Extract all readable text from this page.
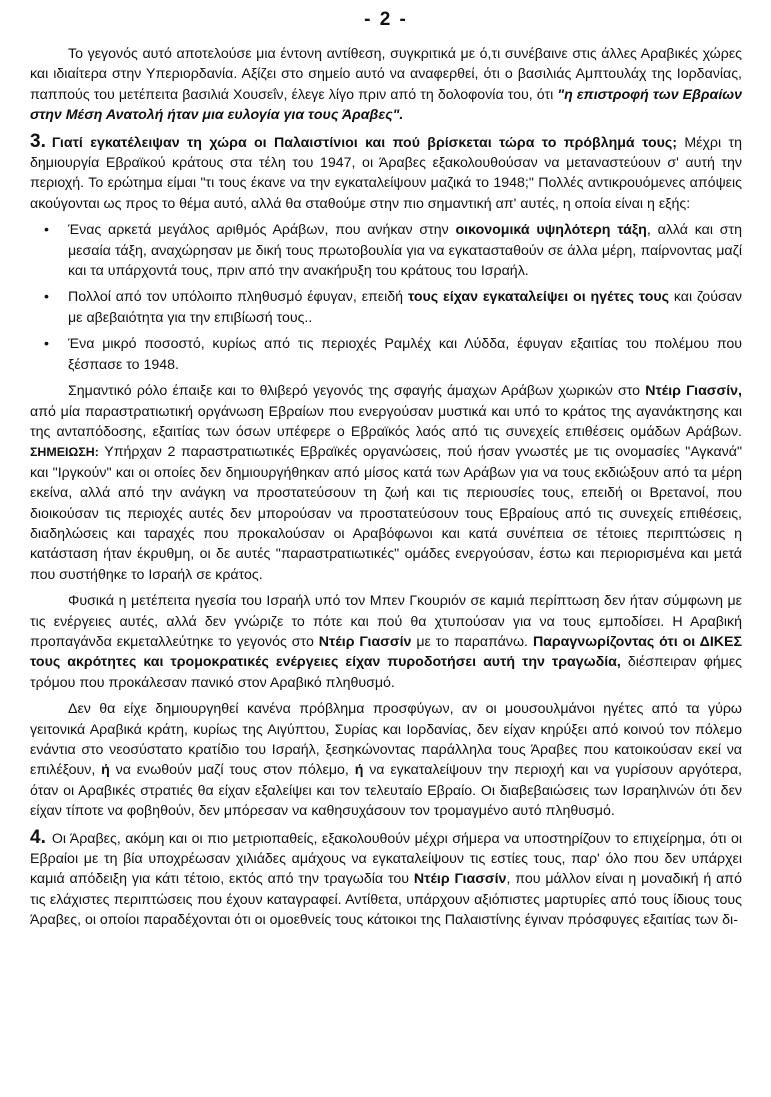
- 2 -

Το γεγονός αυτό αποτελούσε μια έντονη αντίθεση, συγκριτικά με ό,τι συνέβαινε στις άλλες Αραβικές χώρες και ιδιαίτερα στην Υπεριορδανία. Αξίζει στο σημείο αυτό να αναφερθεί, ότι ο βασιλιάς Αμπτουλάχ της Ιορδανίας, παππούς του μετέπειτα βασιλιά Χουσεΐν, έλεγε λίγο πριν από τη δολοφονία του, ότι "η επιστροφή των Εβραίων στην Μέση Ανατολή ήταν μια ευλογία για τους Άραβες".

3. Γιατί εγκατέλειψαν τη χώρα οι Παλαιστίνιοι και πού βρίσκεται τώρα το πρόβλημά τους; Μέχρι τη δημιουργία Εβραϊκού κράτους στα τέλη του 1947, οι Άραβες εξακολουθούσαν να μεταναστεύουν σ' αυτή την περιοχή. Το ερώτημα είμαι "τι τους έκανε να την εγκαταλείψουν μαζικά το 1948;" Πολλές αντικρουόμενες απόψεις ακούγονται ως προς το θέμα αυτό, αλλά θα σταθούμε στην πιο σημαντική απ' αυτές, η οποία είναι η εξής:

• Ένας αρκετά μεγάλος αριθμός Αράβων, που ανήκαν στην οικονομικά υψηλότερη τάξη, αλλά και στη μεσαία τάξη, αναχώρησαν με δική τους πρωτοβουλία για να εγκατασταθούν σε άλλα μέρη, παίρνοντας μαζί και τα υπάρχοντά τους, πριν από την ανακήρυξη του κράτους του Ισραήλ.
• Πολλοί από τον υπόλοιπο πληθυσμό έφυγαν, επειδή τους είχαν εγκαταλείψει οι ηγέτες τους και ζούσαν με αβεβαιότητα για την επιβίωσή τους..
• Ένα μικρό ποσοστό, κυρίως από τις περιοχές Ραμλέχ και Λύδδα, έφυγαν εξαιτίας του πολέμου που ξέσπασε το 1948.

Σημαντικό ρόλο έπαιξε και το θλιβερό γεγονός της σφαγής άμαχων Αράβων χωρικών στο Ντέιρ Γιασσίν, από μία παραστρατιωτική οργάνωση Εβραίων που ενεργούσαν μυστικά και υπό το κράτος της αγανάκτησης και της ανταπόδοσης, εξαιτίας των όσων υπέφερε ο Εβραϊκός λαός από τις συνεχείς επιθέσεις ομάδων Αράβων. ΣΗΜΕΙΩΣΗ: Υπήρχαν 2 παραστρατιωτικές Εβραϊκές οργανώσεις, πού ήσαν γνωστές με τις ονομασίες "Αγκανά" και "Ιργκούν" και οι οποίες δεν δημιουργήθηκαν από μίσος κατά των Αράβων για να τους εκδιώξουν από τα μέρη εκείνα, αλλά από την ανάγκη να προστατεύσουν τη ζωή και τις περιουσίες τους, επειδή οι Βρετανοί, που διοικούσαν τις περιοχές αυτές δεν μπορούσαν να προστατεύσουν τους Εβραίους από τις συνεχείς επιθέσεις, διαδηλώσεις και ταραχές που προκαλούσαν οι Αραβόφωνοι και κατά συνέπεια σε τέτοιες περιπτώσεις η κατάσταση ήταν έκρυθμη, οι δε αυτές "παραστρατιωτικές" ομάδες ενεργούσαν, έστω και περιορισμένα και μετά που συστήθηκε το Ισραήλ σε κράτος.

Φυσικά η μετέπειτα ηγεσία του Ισραήλ υπό τον Μπεν Γκουριόν σε καμιά περίπτωση δεν ήταν σύμφωνη με τις ενέργειες αυτές, αλλά δεν γνώριζε το πότε και πού θα χτυπούσαν για να τους εμποδίσει. Η Αραβική προπαγάνδα εκμεταλλεύτηκε το γεγονός στο Ντέιρ Γιασσίν με το παραπάνω. Παραγνωρίζοντας ότι οι ΔΙΚΕΣ τους ακρότητες και τρομοκρατικές ενέργειες είχαν πυροδοτήσει αυτή την τραγωδία, διέσπειραν φήμες τρόμου που προκάλεσαν πανικό στον Αραβικό πληθυσμό.

Δεν θα είχε δημιουργηθεί κανένα πρόβλημα προσφύγων, αν οι μουσουλμάνοι ηγέτες από τα γύρω γειτονικά Αραβικά κράτη, κυρίως της Αιγύπτου, Συρίας και Ιορδανίας, δεν είχαν κηρύξει από κοινού τον πόλεμο ενάντια στο νεοσύστατο κρατίδιο του Ισραήλ, ξεσηκώνοντας παράλληλα τους Άραβες που κατοικούσαν εκεί να επιλέξουν, ή να ενωθούν μαζί τους στον πόλεμο, ή να εγκαταλείψουν την περιοχή και να γυρίσουν αργότερα, όταν οι Αραβικές στρατιές θα είχαν εξαλείψει και τον τελευταίο Εβραίο. Οι διαβεβαιώσεις των Ισραηλινών ότι δεν είχαν τίποτε να φοβηθούν, δεν μπόρεσαν να καθησυχάσουν τον τρομαγμένο αυτό πληθυσμό.

4. Οι Άραβες, ακόμη και οι πιο μετριοπαθείς, εξακολουθούν μέχρι σήμερα να υποστηρίζουν το επιχείρημα, ότι οι Εβραίοι με τη βία υποχρέωσαν χιλιάδες αμάχους να εγκαταλείψουν τις εστίες τους, παρ' όλο που δεν υπάρχει καμιά απόδειξη για κάτι τέτοιο, εκτός από την τραγωδία του Ντέιρ Γιασσίν, που μάλλον είναι η μοναδική ή από τις ελάχιστες περιπτώσεις που έχουν καταγραφεί. Αντίθετα, υπάρχουν αξιόπιστες μαρτυρίες από τους ίδιους τους Άραβες, οι οποίοι παραδέχονται ότι οι ομοεθνείς τους κάτοικοι της Παλαιστίνης έγιναν πρόσφυγες εξαιτίας των δι-
